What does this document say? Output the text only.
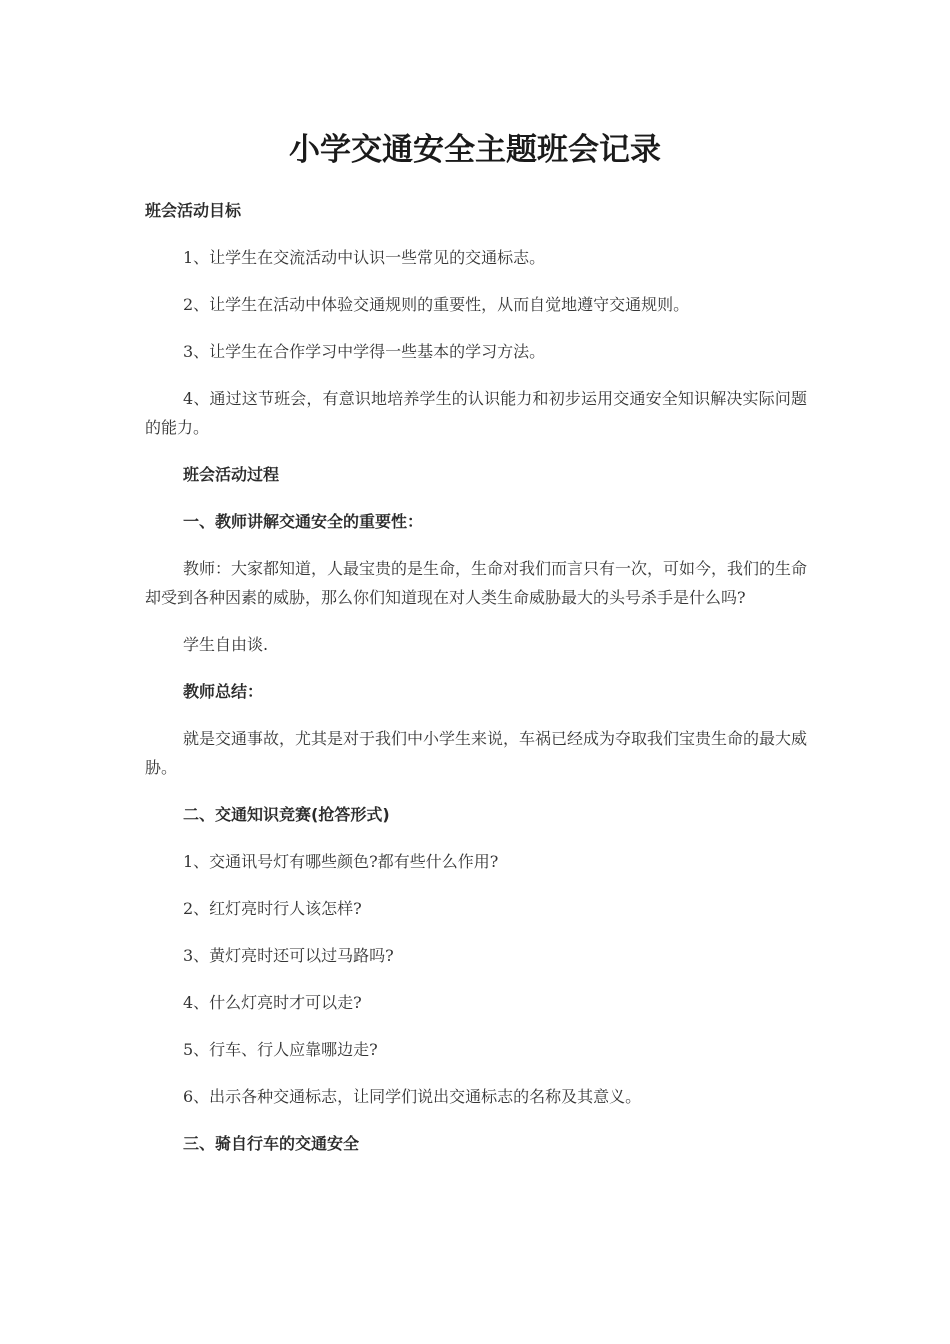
小学交通安全主题班会记录
班会活动目标

1、让学生在交流活动中认识一些常见的交通标志。

2、让学生在活动中体验交通规则的重要性，从而自觉地遵守交通规则。

3、让学生在合作学习中学得一些基本的学习方法。

4、通过这节班会，有意识地培养学生的认识能力和初步运用交通安全知识解决实际问题的能力。

班会活动过程
一、教师讲解交通安全的重要性：

教师：大家都知道，人最宝贵的是生命，生命对我们而言只有一次，可如今，我们的生命却受到各种因素的威胁，那么你们知道现在对人类生命威胁最大的头号杀手是什么吗?

学生自由谈.

教师总结：

就是交通事故，尤其是对于我们中小学生来说，车祸已经成为夺取我们宝贵生命的最大威胁。

二、交通知识竞赛(抢答形式)

1、交通讯号灯有哪些颜色?都有些什么作用?

2、红灯亮时行人该怎样?

3、黄灯亮时还可以过马路吗?

4、什么灯亮时才可以走?

5、行车、行人应靠哪边走?

6、出示各种交通标志，让同学们说出交通标志的名称及其意义。

三、骑自行车的交通安全
